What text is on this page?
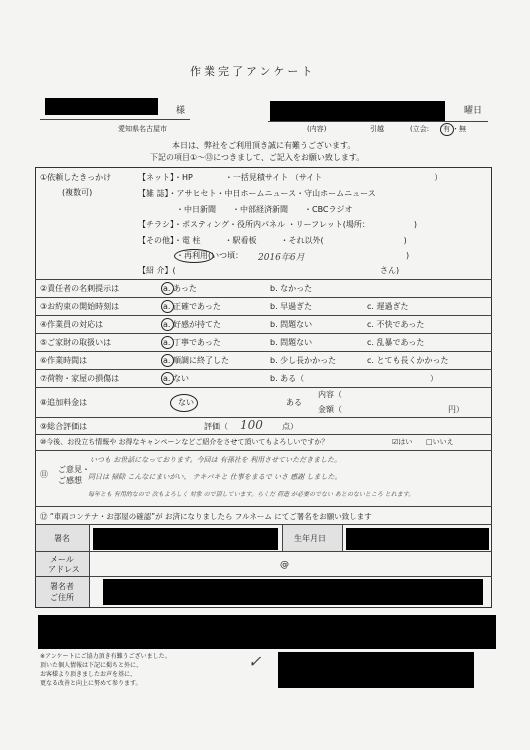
作業完了アンケート
様	曜日
愛知県名古屋市	(内容)	引越	(立会: 有 ・無
本日は、弊社をご利用頂き誠に有難うございます。
下記の項目①～⑬につきまして、ご記入をお願い致します。
①依頼したきっかけ
(複数可)
【ネット】・HP　　　　・一括見積サイト （サイト　　　　　　　　　　　　　　）
【雑 誌】・アサヒセト・中日ホームニュース・守山ホームニュース
・中日新聞　　・中部経済新聞　　・CBCラジオ
【チラシ】・ポスティング・役所内パネル ・リーフレット(場所：　　　　　　)
【その他】・電 柱　　　・駅看板　　　・それ以外(　　　　　　　　　　)
・再利用(いつ頃： 2016年6月	)
【紹 介】(	さん)
②責任者の名刺提示は	a. あった	b. なかった
③お約束の開始時刻は	a. 正確であった	b. 早過ぎた	c. 遅過ぎた
④作業員の対応は	a. 好感が持てた	b. 問題ない	c. 不快であった
⑤ご家財の取扱いは	a. 丁寧であった	b. 問題ない	c. 乱暴であった
⑥作業時間は	a. 順調に終了した	b. 少し長かかった	c. とても長くかかった
⑦荷物・家屋の損傷は	a. ない	b. ある（	）
⑧追加料金は	ない	ある
内容（
金額（	円）
⑨総合評価は	評価（ 100 点）
⑩今後、お役立ち情報や お得なキャンペーンなどご紹介をさせて頂いてもよろしいですか？	☑はい □いいえ
⑪
ご意見・
ご感想
いつも お世話になっております。今回は 有孫社を 利用させていただきました。
同日は 掃除 こんなにまいがい、 テキパキと 仕事をまるで いさ 感謝 しました。
毎年とも 有用的なので 次もよろしく 対象 ので頂しています。らくだ 荷造 が必要のでない あとのないところ とれます。
⑫ “車両コンテナ・お部屋の確認”が お済になりましたら フルネーム にてご署名をお願い致します
署名	生年月日
メール
アドレス	@
署名者
ご住所
※アンケートにご協力頂き有難うございました。
頂いた個人情報は下記に掲ちと外に、
お客様より頂きましたお声を基に、
更なる改善と向上に努めて参ります。
✓
